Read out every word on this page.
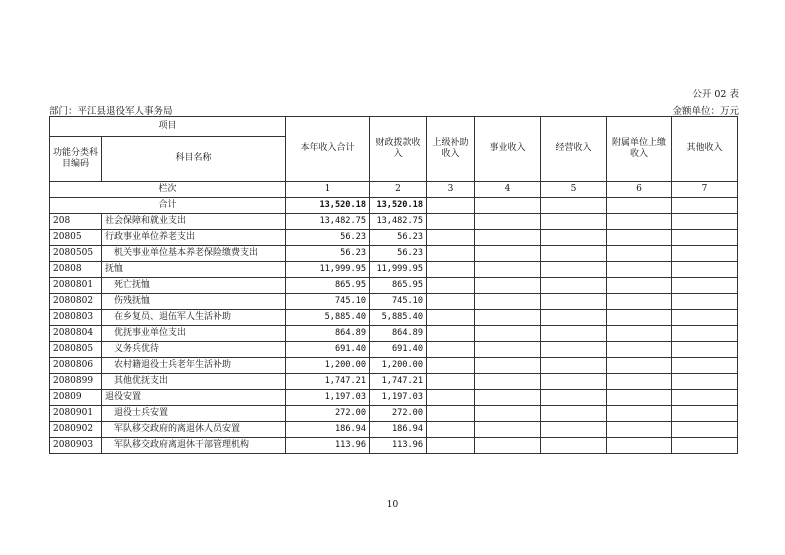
公开 02 表
部门：平江县退役军人事务局	金额单位：万元
项目		本年收入合计	财政拨款收入	上级补助收入	事业收入	经营收入	附属单位上缴收入	其他收入
功能分类科目编码	科目名称							
栏次		1	2	3	4	5	6	7
合计		13,520.18	13,520.18					
208	社会保障和就业支出	13,482.75	13,482.75					
20805	行政事业单位养老支出	56.23	56.23					
2080505	机关事业单位基本养老保险缴费支出	56.23	56.23					
20808	抚恤	11,999.95	11,999.95					
2080801	死亡抚恤	865.95	865.95					
2080802	伤残抚恤	745.10	745.10					
2080803	在乡复员、退伍军人生活补助	5,885.40	5,885.40					
2080804	优抚事业单位支出	864.89	864.89					
2080805	义务兵优待	691.40	691.40					
2080806	农村籍退役士兵老年生活补助	1,200.00	1,200.00					
2080899	其他优抚支出	1,747.21	1,747.21					
20809	退役安置	1,197.03	1,197.03					
2080901	退役士兵安置	272.00	272.00					
2080902	军队移交政府的离退休人员安置	186.94	186.94					
2080903	军队移交政府离退休干部管理机构	113.96	113.96					
10
